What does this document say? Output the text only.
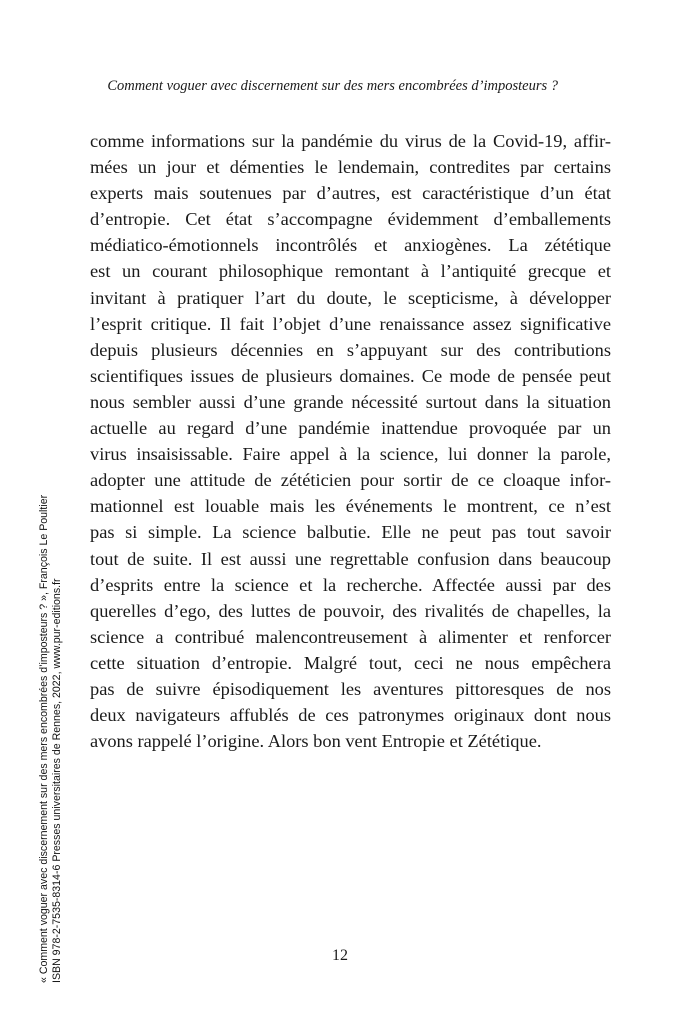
Comment voguer avec discernement sur des mers encombrées d’imposteurs ?
comme informations sur la pandémie du virus de la Covid-19, affir-
mées un jour et démenties le lendemain, contredites par certains
experts mais soutenues par d’autres, est caractéristique d’un état
d’entropie. Cet état s’accompagne évidemment d’emballements
médiatico-émotionnels incontrôlés et anxiogènes. La zététique
est un courant philosophique remontant à l’antiquité grecque et
invitant à pratiquer l’art du doute, le scepticisme, à développer
l’esprit critique. Il fait l’objet d’une renaissance assez significative
depuis plusieurs décennies en s’appuyant sur des contributions
scientifiques issues de plusieurs domaines. Ce mode de pensée peut
nous sembler aussi d’une grande nécessité surtout dans la situation
actuelle au regard d’une pandémie inattendue provoquée par un
virus insaisissable. Faire appel à la science, lui donner la parole,
adopter une attitude de zététicien pour sortir de ce cloaque infor-
mationnel est louable mais les événements le montrent, ce n’est
pas si simple. La science balbutie. Elle ne peut pas tout savoir
tout de suite. Il est aussi une regrettable confusion dans beaucoup
d’esprits entre la science et la recherche. Affectée aussi par des
querelles d’ego, des luttes de pouvoir, des rivalités de chapelles, la
science a contribué malencontreusement à alimenter et renforcer
cette situation d’entropie. Malgré tout, ceci ne nous empêchera
pas de suivre épisodiquement les aventures pittoresques de nos
deux navigateurs affublés de ces patronymes originaux dont nous
avons rappelé l’origine. Alors bon vent Entropie et Zététique.
12
« Comment voguer avec discernement sur des mers encombrées d’imposteurs ? », François Le Poultier ISBN 978-2-7535-8314-6 Presses universitaires de Rennes, 2022, www.pur-editions.fr
